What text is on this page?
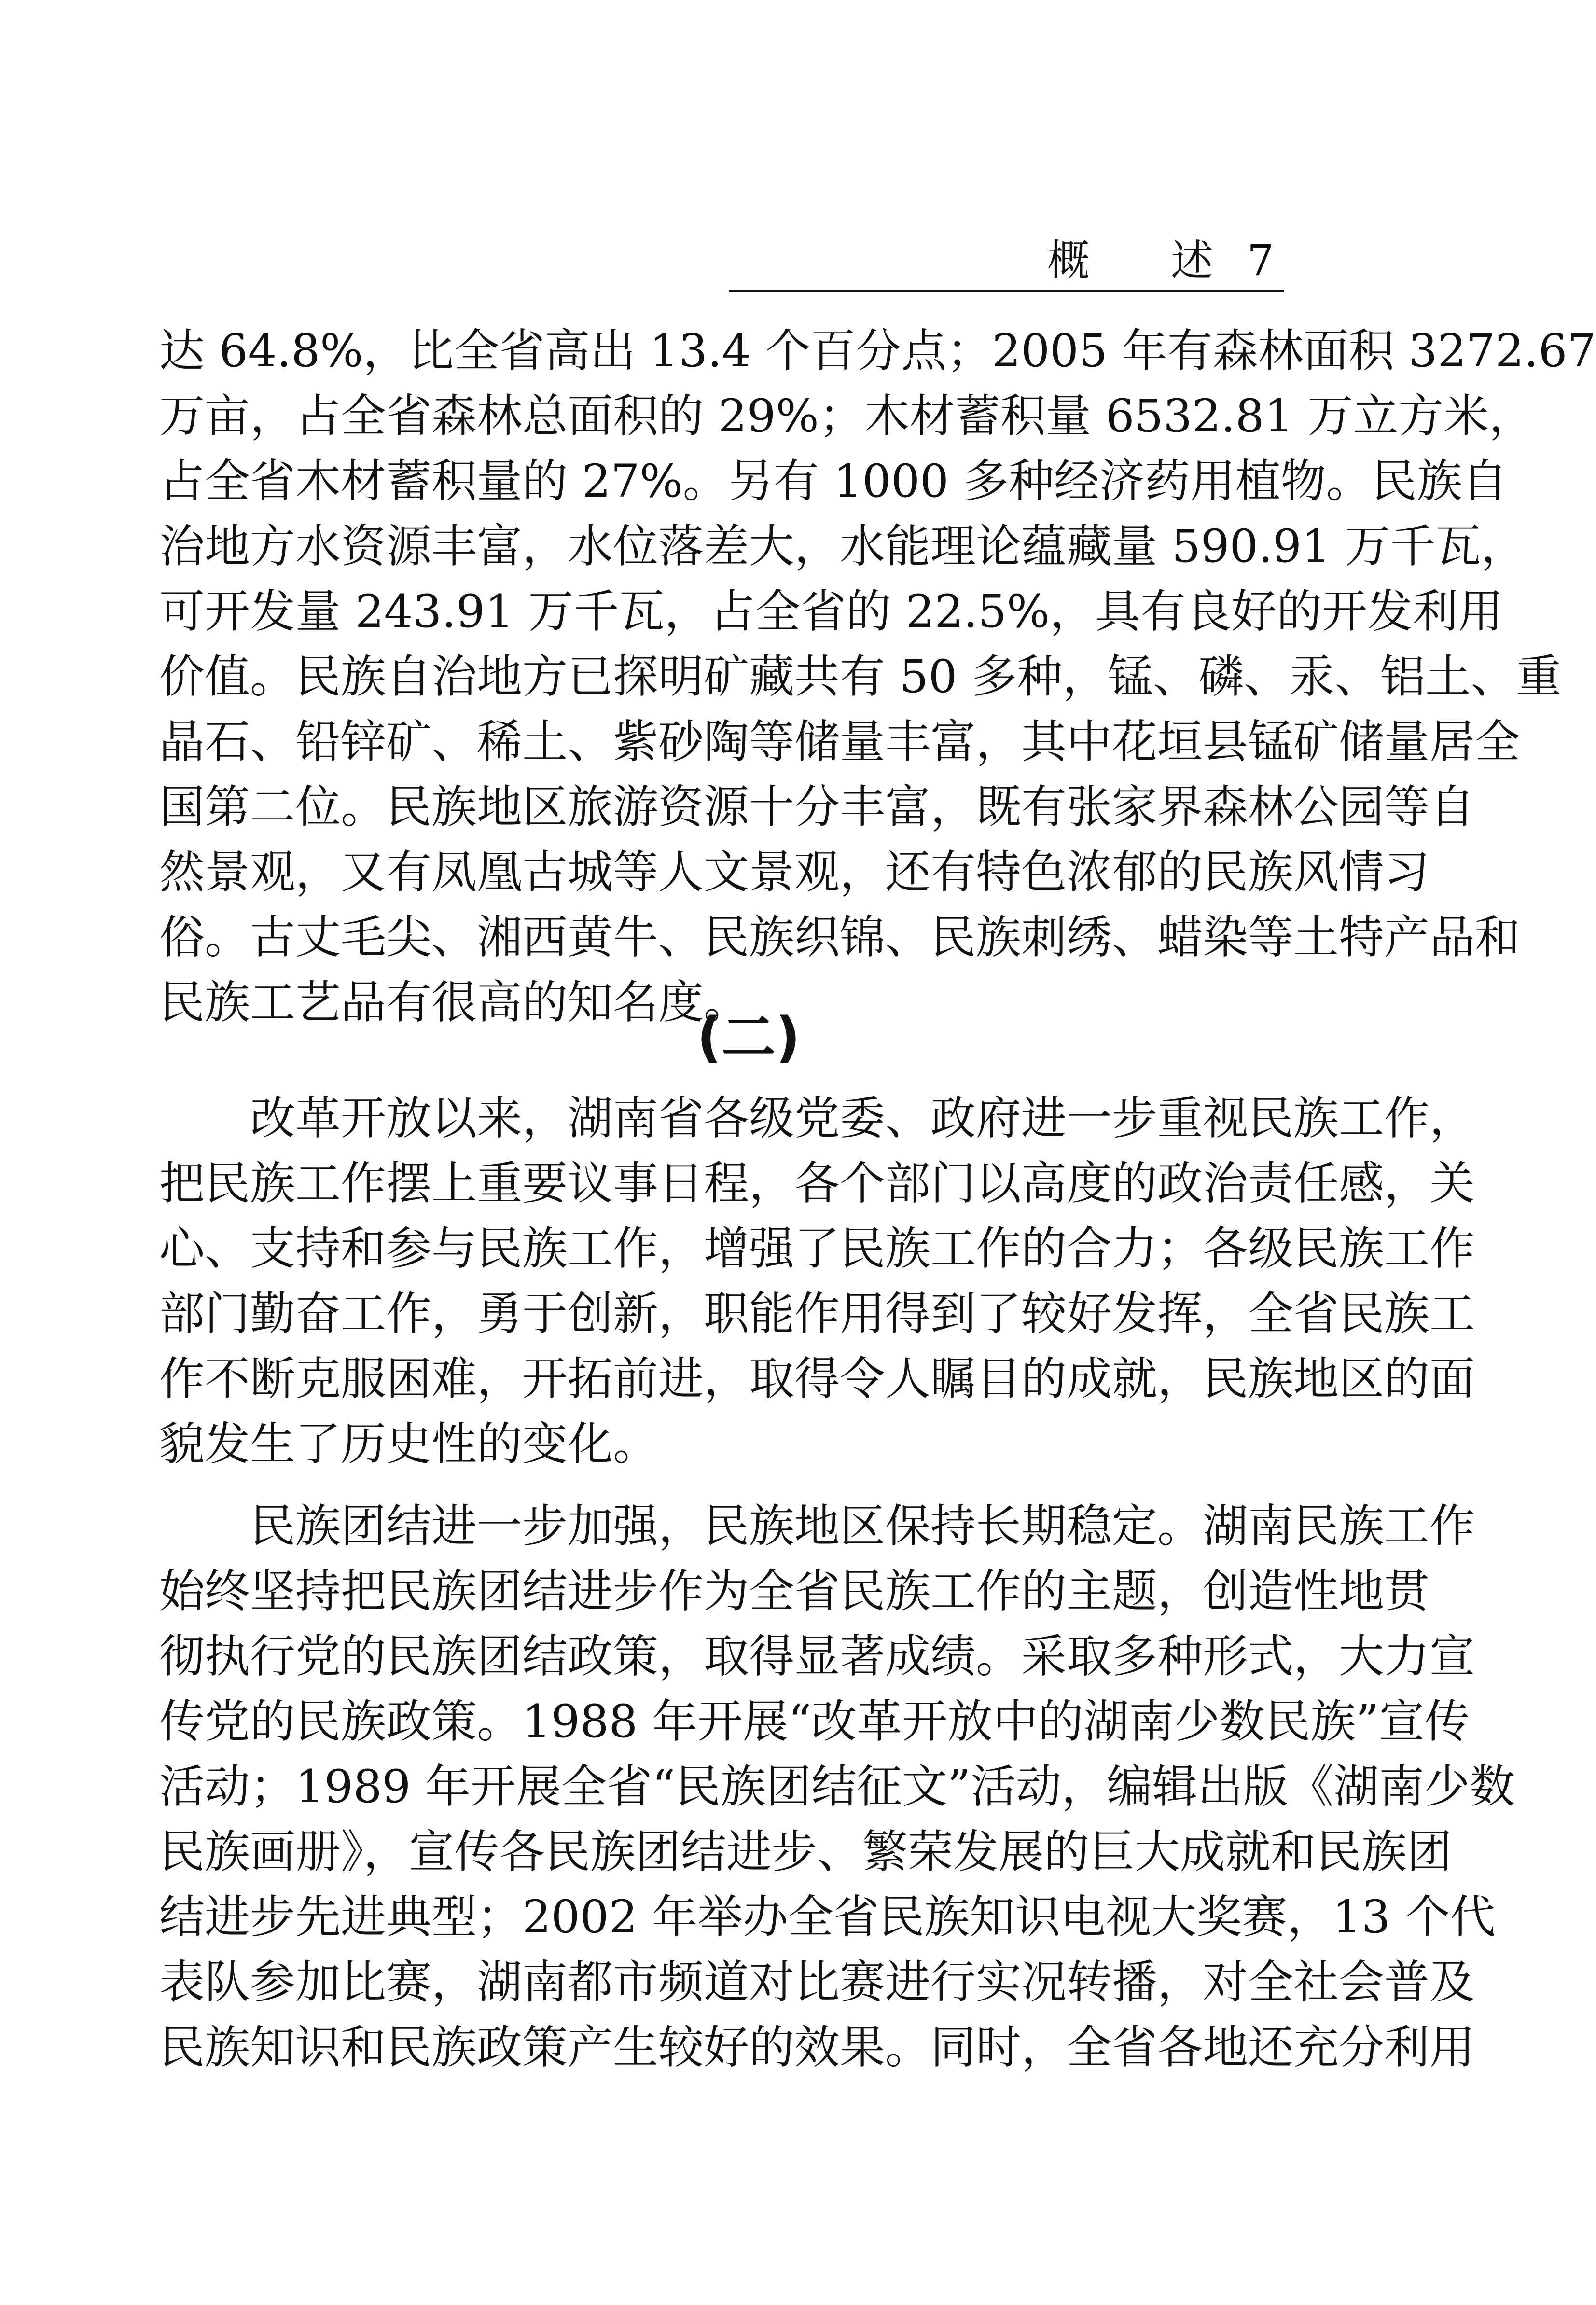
概 述7
达 64.8%，比全省高出 13.4 个百分点；2005 年有森林面积 3272.67
万亩，占全省森林总面积的 29%；木材蓄积量 6532.81 万立方米，
占全省木材蓄积量的 27%。另有 1000 多种经济药用植物。民族自
治地方水资源丰富，水位落差大，水能理论蕴藏量 590.91 万千瓦，
可开发量 243.91 万千瓦，占全省的 22.5%，具有良好的开发利用
价值。民族自治地方已探明矿藏共有 50 多种，锰、磷、汞、铝土、重
晶石、铅锌矿、稀土、紫砂陶等储量丰富，其中花垣县锰矿储量居全
国第二位。民族地区旅游资源十分丰富，既有张家界森林公园等自
然景观，又有凤凰古城等人文景观，还有特色浓郁的民族风情习
俗。古丈毛尖、湘西黄牛、民族织锦、民族刺绣、蜡染等土特产品和
民族工艺品有很高的知名度。
(二)
　　改革开放以来，湖南省各级党委、政府进一步重视民族工作，
把民族工作摆上重要议事日程，各个部门以高度的政治责任感，关
心、支持和参与民族工作，增强了民族工作的合力；各级民族工作
部门勤奋工作，勇于创新，职能作用得到了较好发挥，全省民族工
作不断克服困难，开拓前进，取得令人瞩目的成就，民族地区的面
貌发生了历史性的变化。
　　民族团结进一步加强，民族地区保持长期稳定。湖南民族工作
始终坚持把民族团结进步作为全省民族工作的主题，创造性地贯
彻执行党的民族团结政策，取得显著成绩。采取多种形式，大力宣
传党的民族政策。1988 年开展“改革开放中的湖南少数民族”宣传
活动；1989 年开展全省“民族团结征文”活动，编辑出版《湖南少数
民族画册》，宣传各民族团结进步、繁荣发展的巨大成就和民族团
结进步先进典型；2002 年举办全省民族知识电视大奖赛，13 个代
表队参加比赛，湖南都市频道对比赛进行实况转播，对全社会普及
民族知识和民族政策产生较好的效果。同时，全省各地还充分利用
